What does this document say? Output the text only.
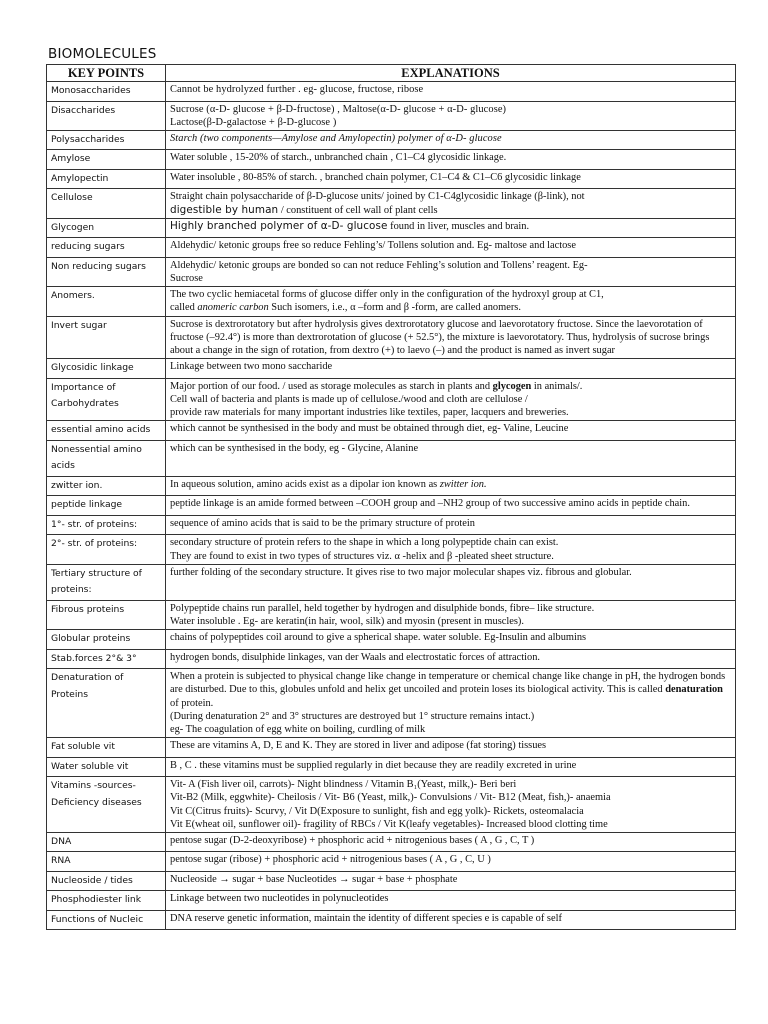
BIOMOLECULES
KEY POINTS	EXPLANATIONS
Monosaccharides	Cannot be hydrolyzed further . eg- glucose, fructose, ribose

Disaccharides	Sucrose (α-D- glucose + β-D-fructose) , Maltose(α-D- glucose + α-D- glucose)
Lactose(β-D-galactose + β-D-glucose )

Polysaccharides	Starch (two components—Amylose and Amylopectin) polymer of α-D- glucose

Amylose	Water soluble , 15-20% of starch., unbranched chain , C1–C4 glycosidic linkage.

Amylopectin	Water insoluble , 80-85% of starch. , branched chain polymer, C1–C4 & C1–C6 glycosidic linkage

Cellulose	Straight chain polysaccharide of β-D-glucose units/ joined by C1-C4glycosidic linkage (β-link), not
digestible by human / constituent of cell wall of plant cells

Glycogen	Highly branched polymer of α-D- glucose found in liver, muscles and brain.

reducing sugars	Aldehydic/ ketonic groups free so reduce Fehling’s/ Tollens solution and. Eg- maltose and lactose

Non reducing sugars	Aldehydic/ ketonic groups are bonded so can not reduce Fehling’s solution and Tollens’ reagent. Eg-
Sucrose

Anomers.	The two cyclic hemiacetal forms of glucose differ only in the configuration of the hydroxyl group at C1,
called anomeric carbon Such isomers, i.e., α –form and β -form, are called anomers.

Invert sugar	Sucrose is dextrorotatory but after hydrolysis gives dextrorotatory glucose and laevorotatory fructose. Since the laevorotation of fructose (–92.4°) is more than dextrorotation of glucose (+ 52.5°), the mixture is laevorotatory. Thus, hydrolysis of sucrose brings about a change in the sign of rotation, from dextro (+) to laevo (–) and the product is named as invert sugar
Glycosidic linkage	Linkage between two mono saccharide

Importance of Carbohydrates	Major portion of our food. / used as storage molecules as starch in plants and glycogen in animals/.
Cell wall of bacteria and plants is made up of cellulose./wood and cloth are cellulose /
provide raw materials for many important industries like textiles, paper, lacquers and breweries.

essential amino acids	which cannot be synthesised in the body and must be obtained through diet, eg- Valine, Leucine

Nonessential amino acids	which can be synthesised in the body, eg - Glycine, Alanine

zwitter ion.	In aqueous solution, amino acids exist as a dipolar ion known as zwitter ion.

peptide linkage	peptide linkage is an amide formed between –COOH group and –NH2 group of two successive amino acids in peptide chain.
1°- str. of proteins:	sequence of amino acids that is said to be the primary structure of protein

2°- str. of proteins:	secondary structure of protein refers to the shape in which a long polypeptide chain can exist.
They are found to exist in two types of structures viz. α -helix and β -pleated sheet structure.

Tertiary structure of proteins:	further folding of the secondary structure. It gives rise to two major molecular shapes viz. fibrous and globular.
Fibrous proteins	Polypeptide chains run parallel, held together by hydrogen and disulphide bonds, fibre– like structure.
Water insoluble . Eg- are keratin(in hair, wool, silk) and myosin (present in muscles).

Globular proteins	chains of polypeptides coil around to give a spherical shape. water soluble. Eg-Insulin and albumins

Stab.forces 2°& 3°	hydrogen bonds, disulphide linkages, van der Waals and electrostatic forces of attraction.

Denaturation of Proteins	When a protein is subjected to physical change like change in temperature or chemical change like change in pH, the hydrogen bonds are disturbed. Due to this, globules unfold and helix get uncoiled and protein loses its biological activity. This is called denaturation of protein.
(During denaturation 2° and 3° structures are destroyed but 1° structure remains intact.)
eg- The coagulation of egg white on boiling, curdling of milk

Fat soluble vit	These are vitamins A, D, E and K. They are stored in liver and adipose (fat storing) tissues

Water soluble vit	B , C . these vitamins must be supplied regularly in diet because they are readily excreted in urine

Vitamins -sources- Deficiency diseases	Vit- A (Fish liver oil, carrots)- Night blindness / Vitamin B₁(Yeast, milk,)- Beri beri
Vit-B2 (Milk, eggwhite)- Cheilosis / Vit- B6 (Yeast, milk,)- Convulsions / Vit- B12 (Meat, fish,)- anaemia
Vit C(Citrus fruits)- Scurvy, / Vit D(Exposure to sunlight, fish and egg yolk)- Rickets, osteomalacia
Vit E(wheat oil, sunflower oil)- fragility of RBCs / Vit K(leafy vegetables)- Increased blood clotting time

DNA	pentose sugar (D-2-deoxyribose) + phosphoric acid + nitrogenious bases ( A , G , C, T )

RNA	pentose sugar (ribose) + phosphoric acid + nitrogenious bases ( A , G , C, U )

Nucleoside / tides	Nucleoside → sugar + base Nucleotides → sugar + base + phosphate

Phosphodiester link	Linkage between two nucleotides in polynucleotides

Functions of Nucleic	DNA reserve genetic information, maintain the identity of different species e is capable of self
